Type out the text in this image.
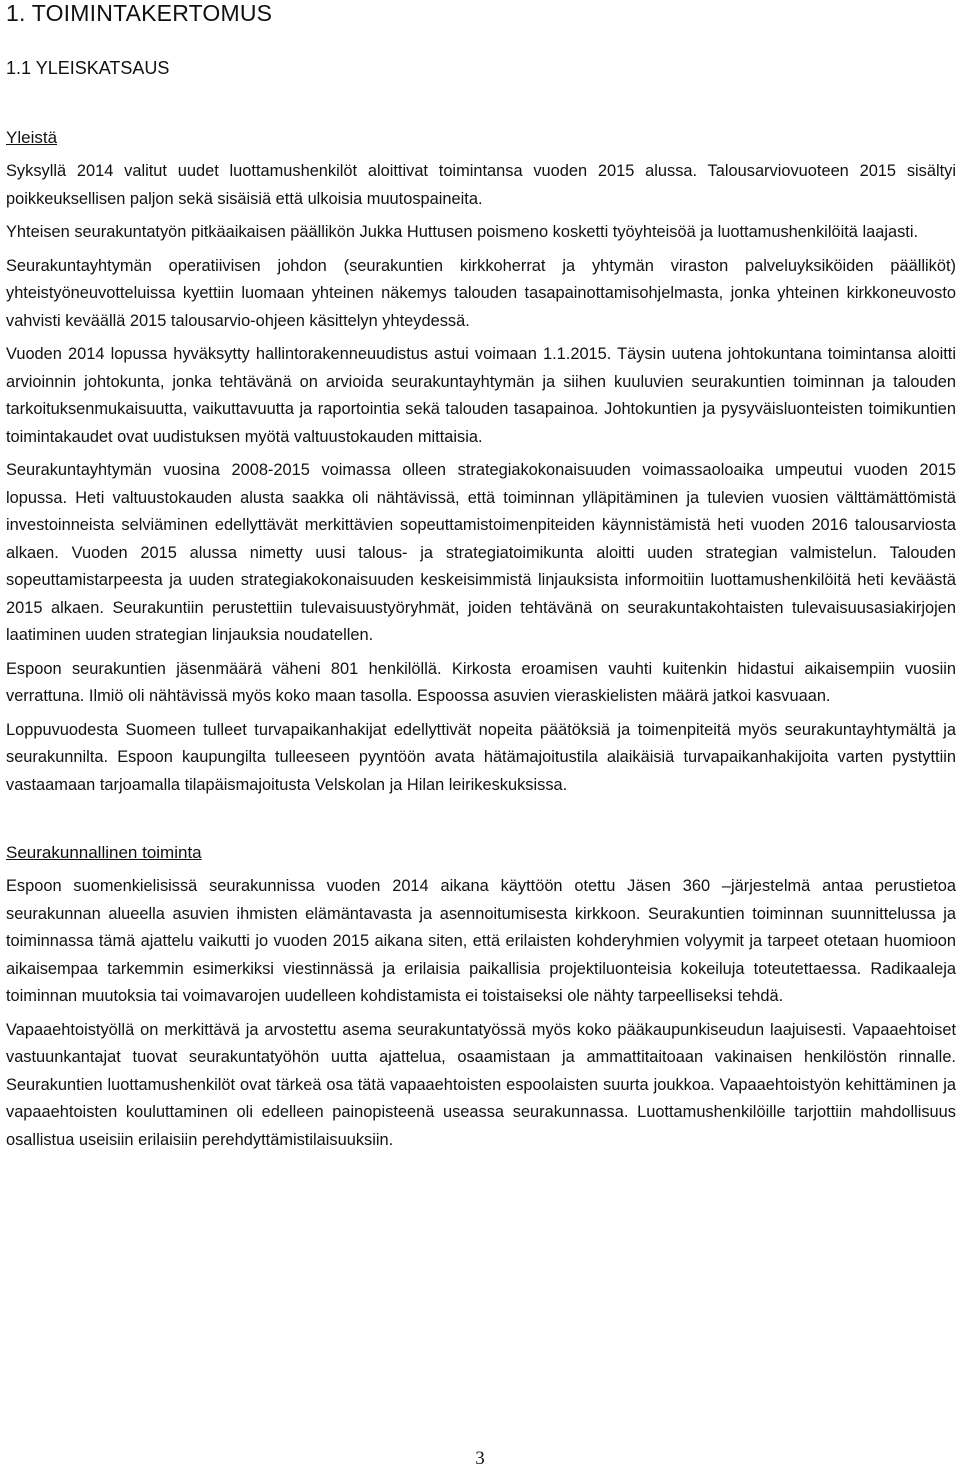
1. TOIMINTAKERTOMUS
1.1 YLEISKATSAUS
Yleistä

Syksyllä 2014 valitut uudet luottamushenkilöt aloittivat toimintansa vuoden 2015 alussa. Talousarviovuoteen 2015 sisältyi poikkeuksellisen paljon sekä sisäisiä että ulkoisia muutospaineita.

Yhteisen seurakuntatyön pitkäaikaisen päällikön Jukka Huttusen poismeno kosketti työyhteisöä ja luottamushenkilöitä laajasti.

Seurakuntayhtymän operatiivisen johdon (seurakuntien kirkkoherrat ja yhtymän viraston palveluyksiköiden päälliköt) yhteistyöneuvotteluissa kyettiin luomaan yhteinen näkemys talouden tasapainottamisohjelmasta, jonka yhteinen kirkkoneuvosto vahvisti keväällä 2015 talousarvio-ohjeen käsittelyn yhteydessä.

Vuoden 2014 lopussa hyväksytty hallintorakenneuudistus astui voimaan 1.1.2015. Täysin uutena johtokuntana toimintansa aloitti arvioinnin johtokunta, jonka tehtävänä on arvioida seurakuntayhtymän ja siihen kuuluvien seurakuntien toiminnan ja talouden tarkoituksenmukaisuutta, vaikuttavuutta ja raportointia sekä talouden tasapainoa. Johtokuntien ja pysyväisluonteisten toimikuntien toimintakaudet ovat uudistuksen myötä valtuustokauden mittaisia.

Seurakuntayhtymän vuosina 2008-2015 voimassa olleen strategiakokonaisuuden voimassaoloaika umpeutui vuoden 2015 lopussa. Heti valtuustokauden alusta saakka oli nähtävissä, että toiminnan ylläpitäminen ja tulevien vuosien välttämättömistä investoinneista selviäminen edellyttävät merkittävien sopeuttamistoimenpiteiden käynnistämistä heti vuoden 2016 talousarviosta alkaen. Vuoden 2015 alussa nimetty uusi talous- ja strategiatoimikunta aloitti uuden strategian valmistelun. Talouden sopeuttamistarpeesta ja uuden strategiakokonaisuuden keskeisimmistä linjauksista informoitiin luottamushenkilöitä heti keväästä 2015 alkaen. Seurakuntiin perustettiin tulevaisuustyöryhmät, joiden tehtävänä on seurakuntakohtaisten tulevaisuusasiakirjojen laatiminen uuden strategian linjauksia noudatellen.

Espoon seurakuntien jäsenmäärä väheni 801 henkilöllä. Kirkosta eroamisen vauhti kuitenkin hidastui aikaisempiin vuosiin verrattuna. Ilmiö oli nähtävissä myös koko maan tasolla. Espoossa asuvien vieraskielisten määrä jatkoi kasvuaan.

Loppuvuodesta Suomeen tulleet turvapaikanhakijat edellyttivät nopeita päätöksiä ja toimenpiteitä myös seurakuntayhtymältä ja seurakunnilta. Espoon kaupungilta tulleeseen pyyntöön avata hätämajoitustila alaikäisiä turvapaikanhakijoita varten pystyttiin vastaamaan tarjoamalla tilapäismajoitusta Velskolan ja Hilan leirikeskuksissa.

Seurakunnallinen toiminta

Espoon suomenkielisissä seurakunnissa vuoden 2014 aikana käyttöön otettu Jäsen 360 –järjestelmä antaa perustietoa seurakunnan alueella asuvien ihmisten elämäntavasta ja asennoitumisesta kirkkoon. Seurakuntien toiminnan suunnittelussa ja toiminnassa tämä ajattelu vaikutti jo vuoden 2015 aikana siten, että erilaisten kohderyhmien volyymit ja tarpeet otetaan huomioon aikaisempaa tarkemmin esimerkiksi viestinnässä ja erilaisia paikallisia projektiluonteisia kokeiluja toteutettaessa. Radikaaleja toiminnan muutoksia tai voimavarojen uudelleen kohdistamista ei toistaiseksi ole nähty tarpeelliseksi tehdä.

Vapaaehtoistyöllä on merkittävä ja arvostettu asema seurakuntatyössä myös koko pääkaupunkiseudun laajuisesti. Vapaaehtoiset vastuunkantajat tuovat seurakuntatyöhön uutta ajattelua, osaamistaan ja ammattitaitoaan vakinaisen henkilöstön rinnalle. Seurakuntien luottamushenkilöt ovat tärkeä osa tätä vapaaehtoisten espoolaisten suurta joukkoa. Vapaaehtoistyön kehittäminen ja vapaaehtoisten kouluttaminen oli edelleen painopisteenä useassa seurakunnassa. Luottamushenkilöille tarjottiin mahdollisuus osallistua useisiin erilaisiin perehdyttämistilaisuuksiin.

3
